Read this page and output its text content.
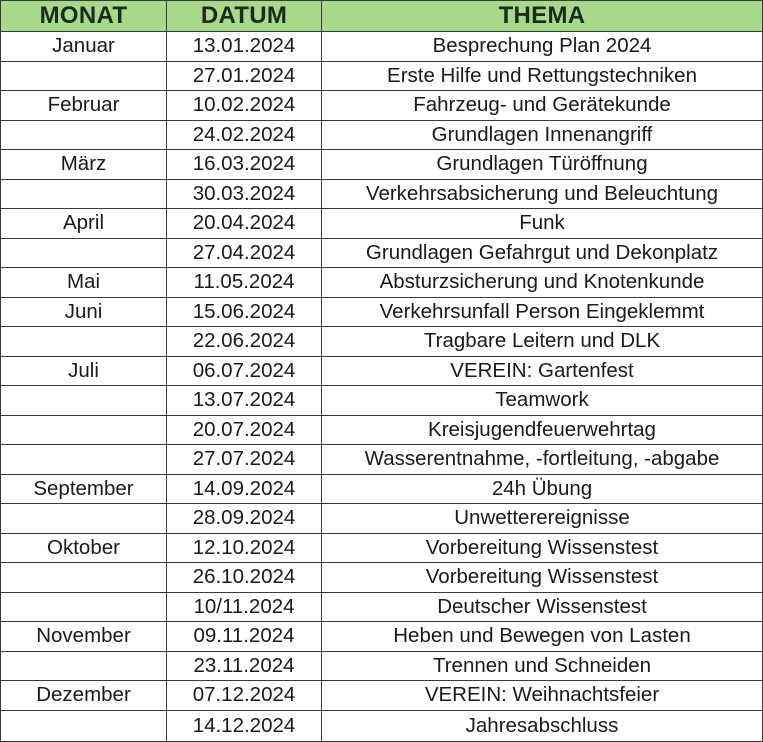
MONAT	DATUM	THEMA
Januar	13.01.2024	Besprechung Plan 2024
	27.01.2024	Erste Hilfe und Rettungstechniken
Februar	10.02.2024	Fahrzeug- und Gerätekunde
	24.02.2024	Grundlagen Innenangriff
März	16.03.2024	Grundlagen Türöffnung
	30.03.2024	Verkehrsabsicherung und Beleuchtung
April	20.04.2024	Funk
	27.04.2024	Grundlagen Gefahrgut und Dekonplatz
Mai	11.05.2024	Absturzsicherung und Knotenkunde
Juni	15.06.2024	Verkehrsunfall Person Eingeklemmt
	22.06.2024	Tragbare Leitern und DLK
Juli	06.07.2024	VEREIN: Gartenfest
	13.07.2024	Teamwork
	20.07.2024	Kreisjugendfeuerwehrtag
	27.07.2024	Wasserentnahme, -fortleitung, -abgabe
September	14.09.2024	24h Übung
	28.09.2024	Unwetterereignisse
Oktober	12.10.2024	Vorbereitung Wissenstest
	26.10.2024	Vorbereitung Wissenstest
	10/11.2024	Deutscher Wissenstest
November	09.11.2024	Heben und Bewegen von Lasten
	23.11.2024	Trennen und Schneiden
Dezember	07.12.2024	VEREIN: Weihnachtsfeier
	14.12.2024	Jahresabschluss
